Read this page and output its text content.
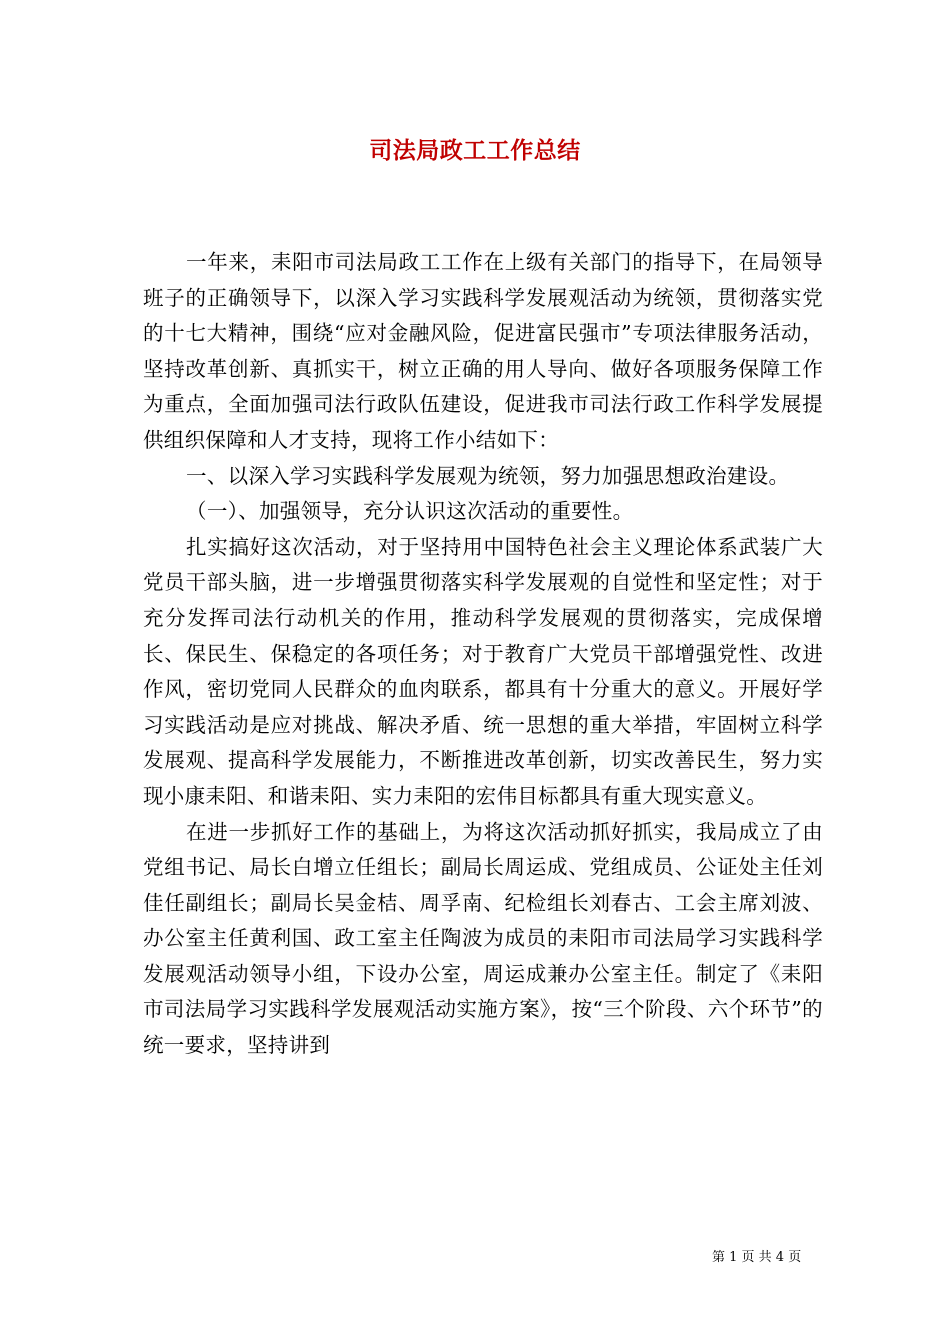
司法局政工工作总结

一年来，耒阳市司法局政工工作在上级有关部门的指导下，在局领导班子的正确领导下，以深入学习实践科学发展观活动为统领，贯彻落实党的十七大精神，围绕“应对金融风险，促进富民强市”专项法律服务活动，坚持改革创新、真抓实干，树立正确的用人导向、做好各项服务保障工作为重点，全面加强司法行政队伍建设，促进我市司法行政工作科学发展提供组织保障和人才支持，现将工作小结如下：

一、以深入学习实践科学发展观为统领，努力加强思想政治建设。

（一）、加强领导，充分认识这次活动的重要性。

扎实搞好这次活动，对于坚持用中国特色社会主义理论体系武装广大党员干部头脑，进一步增强贯彻落实科学发展观的自觉性和坚定性；对于充分发挥司法行动机关的作用，推动科学发展观的贯彻落实，完成保增长、保民生、保稳定的各项任务；对于教育广大党员干部增强党性、改进作风，密切党同人民群众的血肉联系，都具有十分重大的意义。开展好学习实践活动是应对挑战、解决矛盾、统一思想的重大举措，牢固树立科学发展观、提高科学发展能力，不断推进改革创新，切实改善民生，努力实现小康耒阳、和谐耒阳、实力耒阳的宏伟目标都具有重大现实意义。

在进一步抓好工作的基础上，为将这次活动抓好抓实，我局成立了由党组书记、局长白增立任组长；副局长周运成、党组成员、公证处主任刘佳任副组长；副局长吴金桔、周孚南、纪检组长刘春古、工会主席刘波、办公室主任黄利国、政工室主任陶波为成员的耒阳市司法局学习实践科学发展观活动领导小组，下设办公室，周运成兼办公室主任。制定了《耒阳市司法局学习实践科学发展观活动实施方案》，按“三个阶段、六个环节”的统一要求，坚持讲到

第 1 页 共 4 页
